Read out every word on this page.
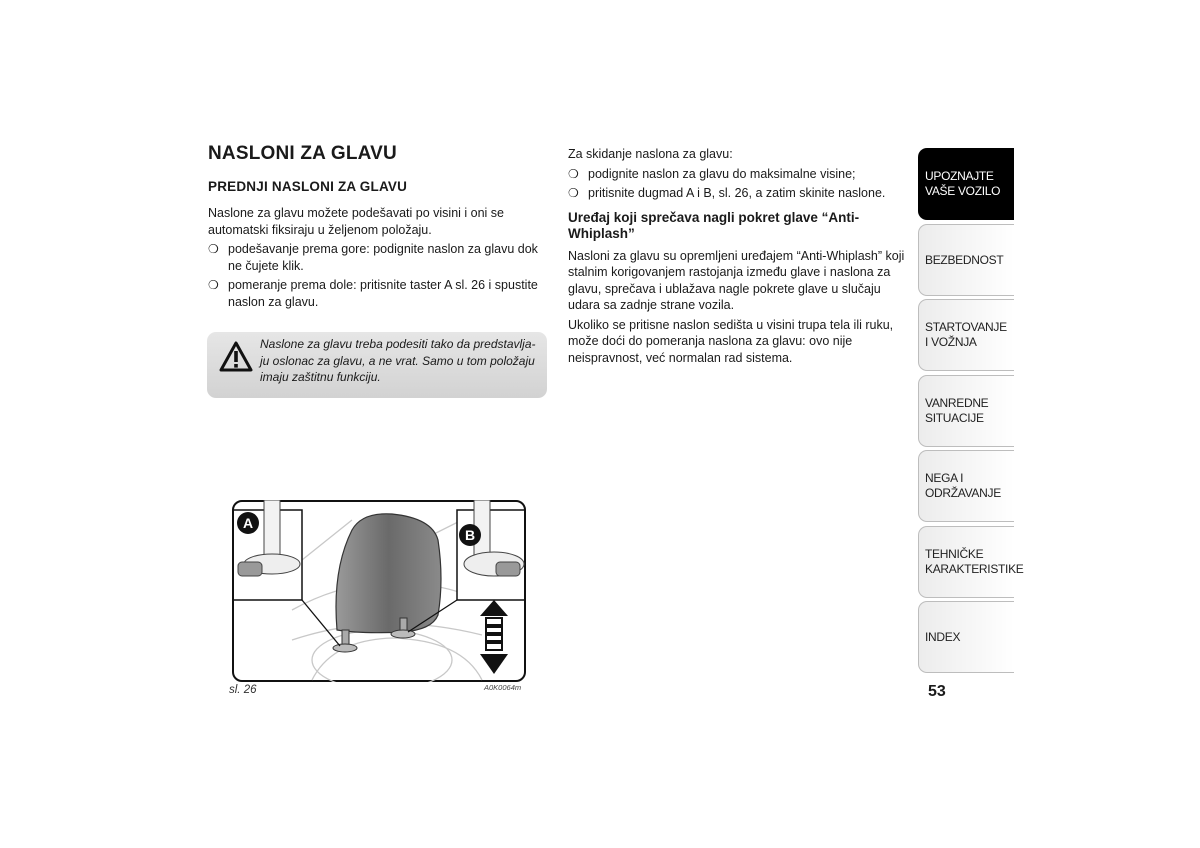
NASLONI ZA GLAVU
PREDNJI NASLONI ZA GLAVU

Naslone za glavu možete podešavati po visini i oni se automatski fiksiraju u željenom položaju.

❍ podešavanje prema gore: podignite naslon za glavu dok ne čujete klik.
❍ pomeranje prema dole: pritisnite taster A sl. 26 i spustite naslon za glavu.
Naslone za glavu treba podesiti tako da predstavlja-ju oslonac za glavu, a ne vrat. Samo u tom položaju imaju zaštitnu funkciju.
A
B
sl. 26	A0K0064m

Za skidanje naslona za glavu:

❍ podignite naslon za glavu do maksimalne visine;
❍ pritisnite dugmad A i B, sl. 26, a zatim skinite naslone.
Uređaj koji sprečava nagli pokret glave “Anti-Whiplash”

Nasloni za glavu su opremljeni uređajem “Anti-Whiplash” koji stalnim korigovanjem rastojanja između glave i naslona za glavu, sprečava i ublažava nagle pokrete glave u slučaju udara sa zadnje strane vozila.

Ukoliko se pritisne naslon sedišta u visini trupa tela ili ruku, može doći do pomeranja naslona za glavu: ovo nije neispravnost, već normalan rad sistema.

UPOZNAJTE
VAŠE VOZILO
BEZBEDNOST
STARTOVANJE
I VOŽNJA
VANREDNE
SITUACIJE
NEGA I
ODRŽAVANJE
TEHNIČKE
KARAKTERISTIKE
INDEX
53
